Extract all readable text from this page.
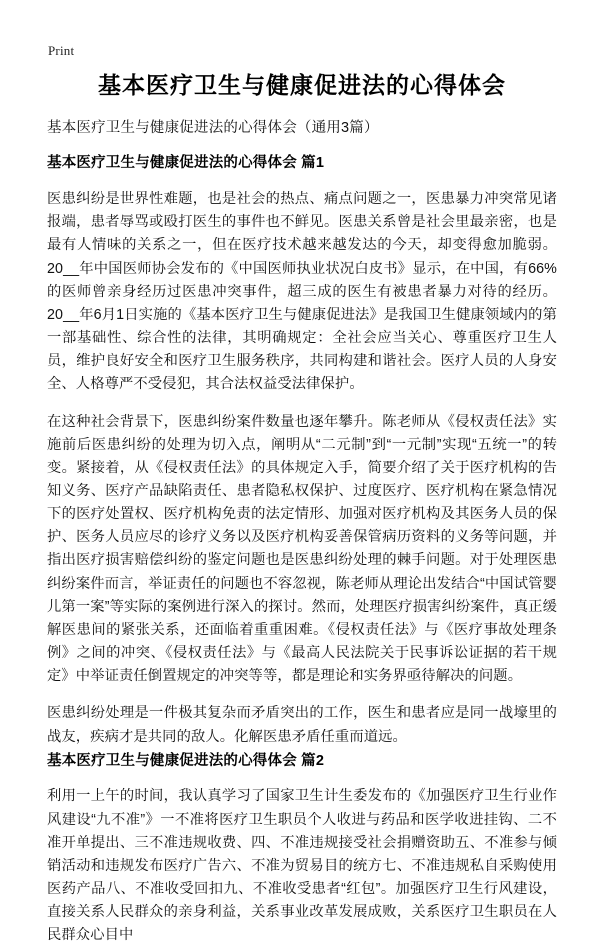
Print
基本医疗卫生与健康促进法的心得体会

基本医疗卫生与健康促进法的心得体会（通用3篇）

基本医疗卫生与健康促进法的心得体会 篇1

医患纠纷是世界性难题，也是社会的热点、痛点问题之一，医患暴力冲突常见诸报端，患者辱骂或殴打医生的事件也不鲜见。医患关系曾是社会里最亲密，也是最有人情味的关系之一，但在医疗技术越来越发达的今天，却变得愈加脆弱。20__年中国医师协会发布的《中国医师执业状况白皮书》显示，在中国，有66%的医师曾亲身经历过医患冲突事件，超三成的医生有被患者暴力对待的经历。20__年6月1日实施的《基本医疗卫生与健康促进法》是我国卫生健康领域内的第一部基础性、综合性的法律，其明确规定：全社会应当关心、尊重医疗卫生人员，维护良好安全和医疗卫生服务秩序，共同构建和谐社会。医疗人员的人身安全、人格尊严不受侵犯，其合法权益受法律保护。

在这种社会背景下，医患纠纷案件数量也逐年攀升。陈老师从《侵权责任法》实施前后医患纠纷的处理为切入点，阐明从“二元制”到“一元制”实现“五统一”的转变。紧接着，从《侵权责任法》的具体规定入手，简要介绍了关于医疗机构的告知义务、医疗产品缺陷责任、患者隐私权保护、过度医疗、医疗机构在紧急情况下的医疗处置权、医疗机构免责的法定情形、加强对医疗机构及其医务人员的保护、医务人员应尽的诊疗义务以及医疗机构妥善保管病历资料的义务等问题，并指出医疗损害赔偿纠纷的鉴定问题也是医患纠纷处理的棘手问题。对于处理医患纠纷案件而言，举证责任的问题也不容忽视，陈老师从理论出发结合“中国试管婴儿第一案”等实际的案例进行深入的探讨。然而，处理医疗损害纠纷案件，真正缓解医患间的紧张关系，还面临着重重困难。《侵权责任法》与《医疗事故处理条例》之间的冲突、《侵权责任法》与《最高人民法院关于民事诉讼证据的若干规定》中举证责任倒置规定的冲突等等，都是理论和实务界亟待解决的问题。

医患纠纷处理是一件极其复杂而矛盾突出的工作，医生和患者应是同一战壕里的战友，疾病才是共同的敌人。化解医患矛盾任重而道远。

基本医疗卫生与健康促进法的心得体会 篇2

利用一上午的时间，我认真学习了国家卫生计生委发布的《加强医疗卫生行业作风建设“九不准”》一不准将医疗卫生职员个人收进与药品和医学收进挂钩、二不准开单提出、三不准违规收费、四、不准违规接受社会捐赠资助五、不准参与倾销活动和违规发布医疗广告六、不准为贸易目的统方七、不准违规私自采购使用医药产品八、不准收受回扣九、不准收受患者“红包”。加强医疗卫生行风建设，直接关系人民群众的亲身利益，关系事业改革发展成败，关系医疗卫生职员在人民群众心目中
